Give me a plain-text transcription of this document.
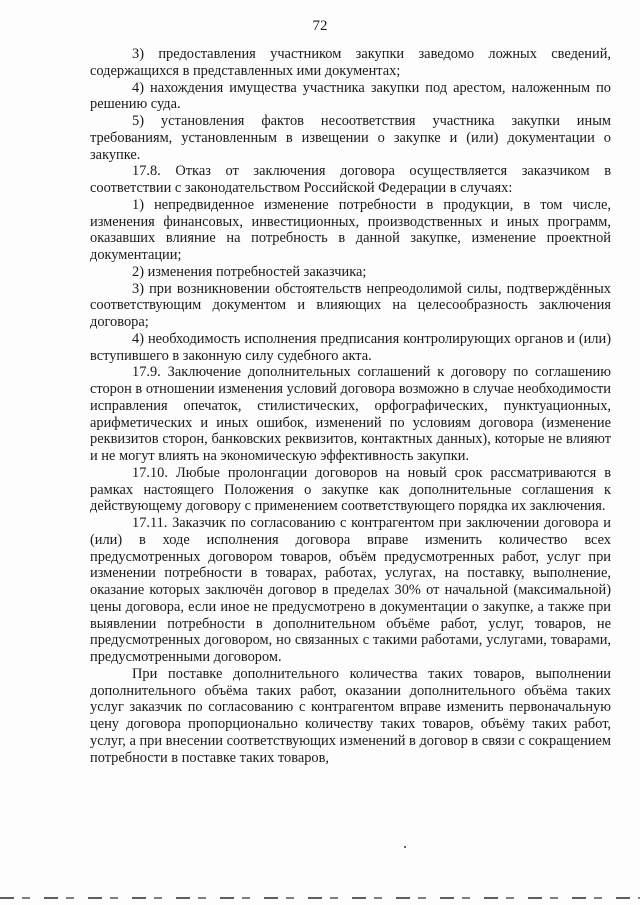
72

3) предоставления участником закупки заведомо ложных сведений, содержащихся в представленных ими документах;

4) нахождения имущества участника закупки под арестом, наложенным по решению суда.

5) установления фактов несоответствия участника закупки иным требованиям, установленным в извещении о закупке и (или) документации о закупке.

17.8. Отказ от заключения договора осуществляется заказчиком в соответствии с законодательством Российской Федерации в случаях:

1) непредвиденное изменение потребности в продукции, в том числе, изменения финансовых, инвестиционных, производственных и иных программ, оказавших влияние на потребность в данной закупке, изменение проектной документации;

2) изменения потребностей заказчика;

3) при возникновении обстоятельств непреодолимой силы, подтверждённых соответствующим документом и влияющих на целесообразность заключения договора;

4) необходимость исполнения предписания контролирующих органов и (или) вступившего в законную силу судебного акта.

17.9. Заключение дополнительных соглашений к договору по соглашению сторон в отношении изменения условий договора возможно в случае необходимости исправления опечаток, стилистических, орфографических, пунктуационных, арифметических и иных ошибок, изменений по условиям договора (изменение реквизитов сторон, банковских реквизитов, контактных данных), которые не влияют и не могут влиять на экономическую эффективность закупки.

17.10. Любые пролонгации договоров на новый срок рассматриваются в рамках настоящего Положения о закупке как дополнительные соглашения к действующему договору с применением соответствующего порядка их заключения.

17.11. Заказчик по согласованию с контрагентом при заключении договора и (или) в ходе исполнения договора вправе изменить количество всех предусмотренных договором товаров, объём предусмотренных работ, услуг при изменении потребности в товарах, работах, услугах, на поставку, выполнение, оказание которых заключён договор в пределах 30% от начальной (максимальной) цены договора, если иное не предусмотрено в документации о закупке, а также при выявлении потребности в дополнительном объёме работ, услуг, товаров, не предусмотренных договором, но связанных с такими работами, услугами, товарами, предусмотренными договором.

При поставке дополнительного количества таких товаров, выполнении дополнительного объёма таких работ, оказании дополнительного объёма таких услуг заказчик по согласованию с контрагентом вправе изменить первоначальную цену договора пропорционально количеству таких товаров, объёму таких работ, услуг, а при внесении соответствующих изменений в договор в связи с сокращением потребности в поставке таких товаров,
